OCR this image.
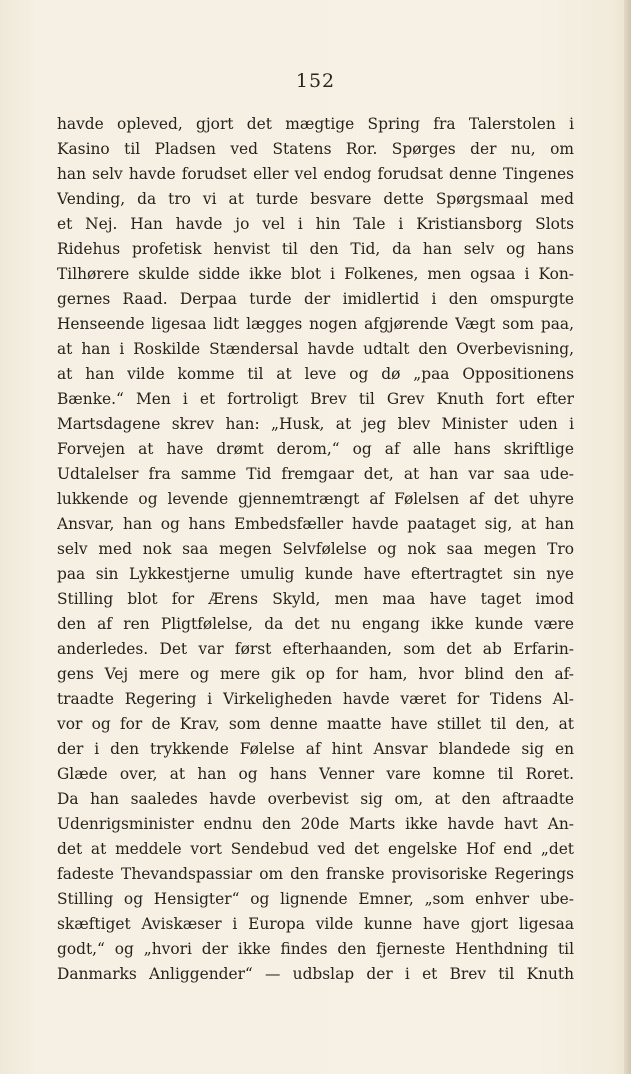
152
havde opleved, gjort det mægtige Spring fra Talerstolen i
Kasino til Pladsen ved Statens Ror. Spørges der nu, om
han selv havde forudset eller vel endog forudsat denne Tingenes
Vending, da tro vi at turde besvare dette Spørgsmaal med
et Nej. Han havde jo vel i hin Tale i Kristiansborg Slots
Ridehus profetisk henvist til den Tid, da han selv og hans
Tilhørere skulde sidde ikke blot i Folkenes, men ogsaa i Kon-
gernes Raad. Derpaa turde der imidlertid i den omspurgte
Henseende ligesaa lidt lægges nogen afgjørende Vægt som paa,
at han i Roskilde Stændersal havde udtalt den Overbevisning,
at han vilde komme til at leve og dø „paa Oppositionens
Bænke.“ Men i et fortroligt Brev til Grev Knuth fort efter
Martsdagene skrev han: „Husk, at jeg blev Minister uden i
Forvejen at have drømt derom,“ og af alle hans skriftlige
Udtalelser fra samme Tid fremgaar det, at han var saa ude-
lukkende og levende gjennemtrængt af Følelsen af det uhyre
Ansvar, han og hans Embedsfæller havde paataget sig, at han
selv med nok saa megen Selvfølelse og nok saa megen Tro
paa sin Lykkestjerne umulig kunde have eftertragtet sin nye
Stilling blot for Ærens Skyld, men maa have taget imod
den af ren Pligtfølelse, da det nu engang ikke kunde være
anderledes. Det var først efterhaanden, som det ab Erfarin-
gens Vej mere og mere gik op for ham, hvor blind den af-
traadte Regering i Virkeligheden havde været for Tidens Al-
vor og for de Krav, som denne maatte have stillet til den, at
der i den trykkende Følelse af hint Ansvar blandede sig en
Glæde over, at han og hans Venner vare komne til Roret.
Da han saaledes havde overbevist sig om, at den aftraadte
Udenrigsminister endnu den 20de Marts ikke havde havt An-
det at meddele vort Sendebud ved det engelske Hof end „det
fadeste Thevandspassiar om den franske provisoriske Regerings
Stilling og Hensigter“ og lignende Emner, „som enhver ube-
skæftiget Aviskæser i Europa vilde kunne have gjort ligesaa
godt,“ og „hvori der ikke findes den fjerneste Henthdning til
Danmarks Anliggender“ — udbslap der i et Brev til Knuth
